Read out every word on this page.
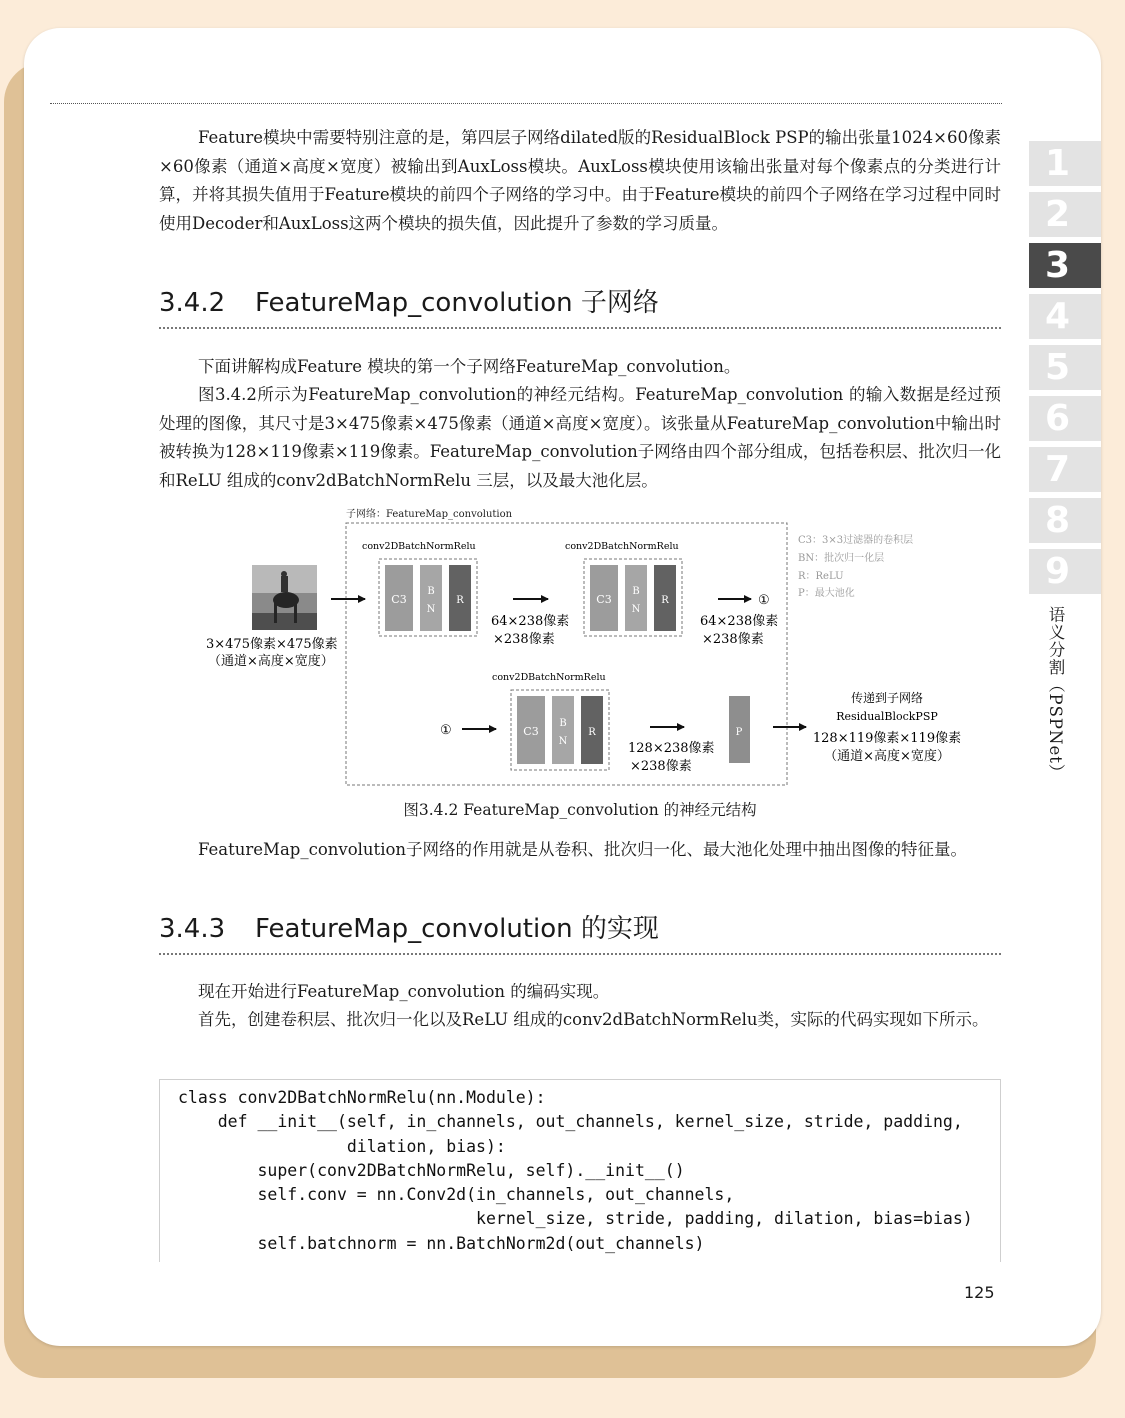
Feature模块中需要特别注意的是，第四层子网络dilated版的ResidualBlock PSP的输出张量1024×60像素×60像素（通道×高度×宽度）被输出到AuxLoss模块。AuxLoss模块使用该输出张量对每个像素点的分类进行计算，并将其损失值用于Feature模块的前四个子网络的学习中。由于Feature模块的前四个子网络在学习过程中同时使用Decoder和AuxLoss这两个模块的损失值，因此提升了参数的学习质量。

3.4.2 FeatureMap_convolution 子网络

下面讲解构成Feature 模块的第一个子网络FeatureMap_convolution。

图3.4.2所示为FeatureMap_convolution的神经元结构。FeatureMap_convolution 的输入数据是经过预处理的图像，其尺寸是3×475像素×475像素（通道×高度×宽度）。该张量从FeatureMap_convolution中输出时被转换为128×119像素×119像素。FeatureMap_convolution子网络由四个部分组成，包括卷积层、批次归一化和ReLU 组成的conv2dBatchNormRelu 三层，以及最大池化层。

子网络：FeatureMap_convolution
3×475像素×475像素
（通道×高度×宽度）
conv2DBatchNormRelu
C3
B
N
R
64×238像素
×238像素
conv2DBatchNormRelu
C3
B
N
R	①
64×238像素
×238像素
C3：3×3过滤器的卷积层
BN：批次归一化层
R：ReLU
P：最大池化
①
conv2DBatchNormRelu
C3
B
N
R
128×238像素
×238像素
P
传递到子网络
ResidualBlockPSP
128×119像素×119像素
（通道×高度×宽度）
图3.4.2 FeatureMap_convolution 的神经元结构

FeatureMap_convolution子网络的作用就是从卷积、批次归一化、最大池化处理中抽出图像的特征量。

3.4.3 FeatureMap_convolution 的实现

现在开始进行FeatureMap_convolution 的编码实现。

首先，创建卷积层、批次归一化以及ReLU 组成的conv2dBatchNormRelu类，实际的代码实现如下所示。

class conv2DBatchNormRelu(nn.Module):
def __init__(self, in_channels, out_channels, kernel_size, stride, padding,
dilation, bias):
super(conv2DBatchNormRelu, self).__init__()
self.conv = nn.Conv2d(in_channels, out_channels,
kernel_size, stride, padding, dilation, bias=bias)
self.batchnorm = nn.BatchNorm2d(out_channels)
125
1
2
3
4
5
6
7
8
9
语义分割（PSPNet）
